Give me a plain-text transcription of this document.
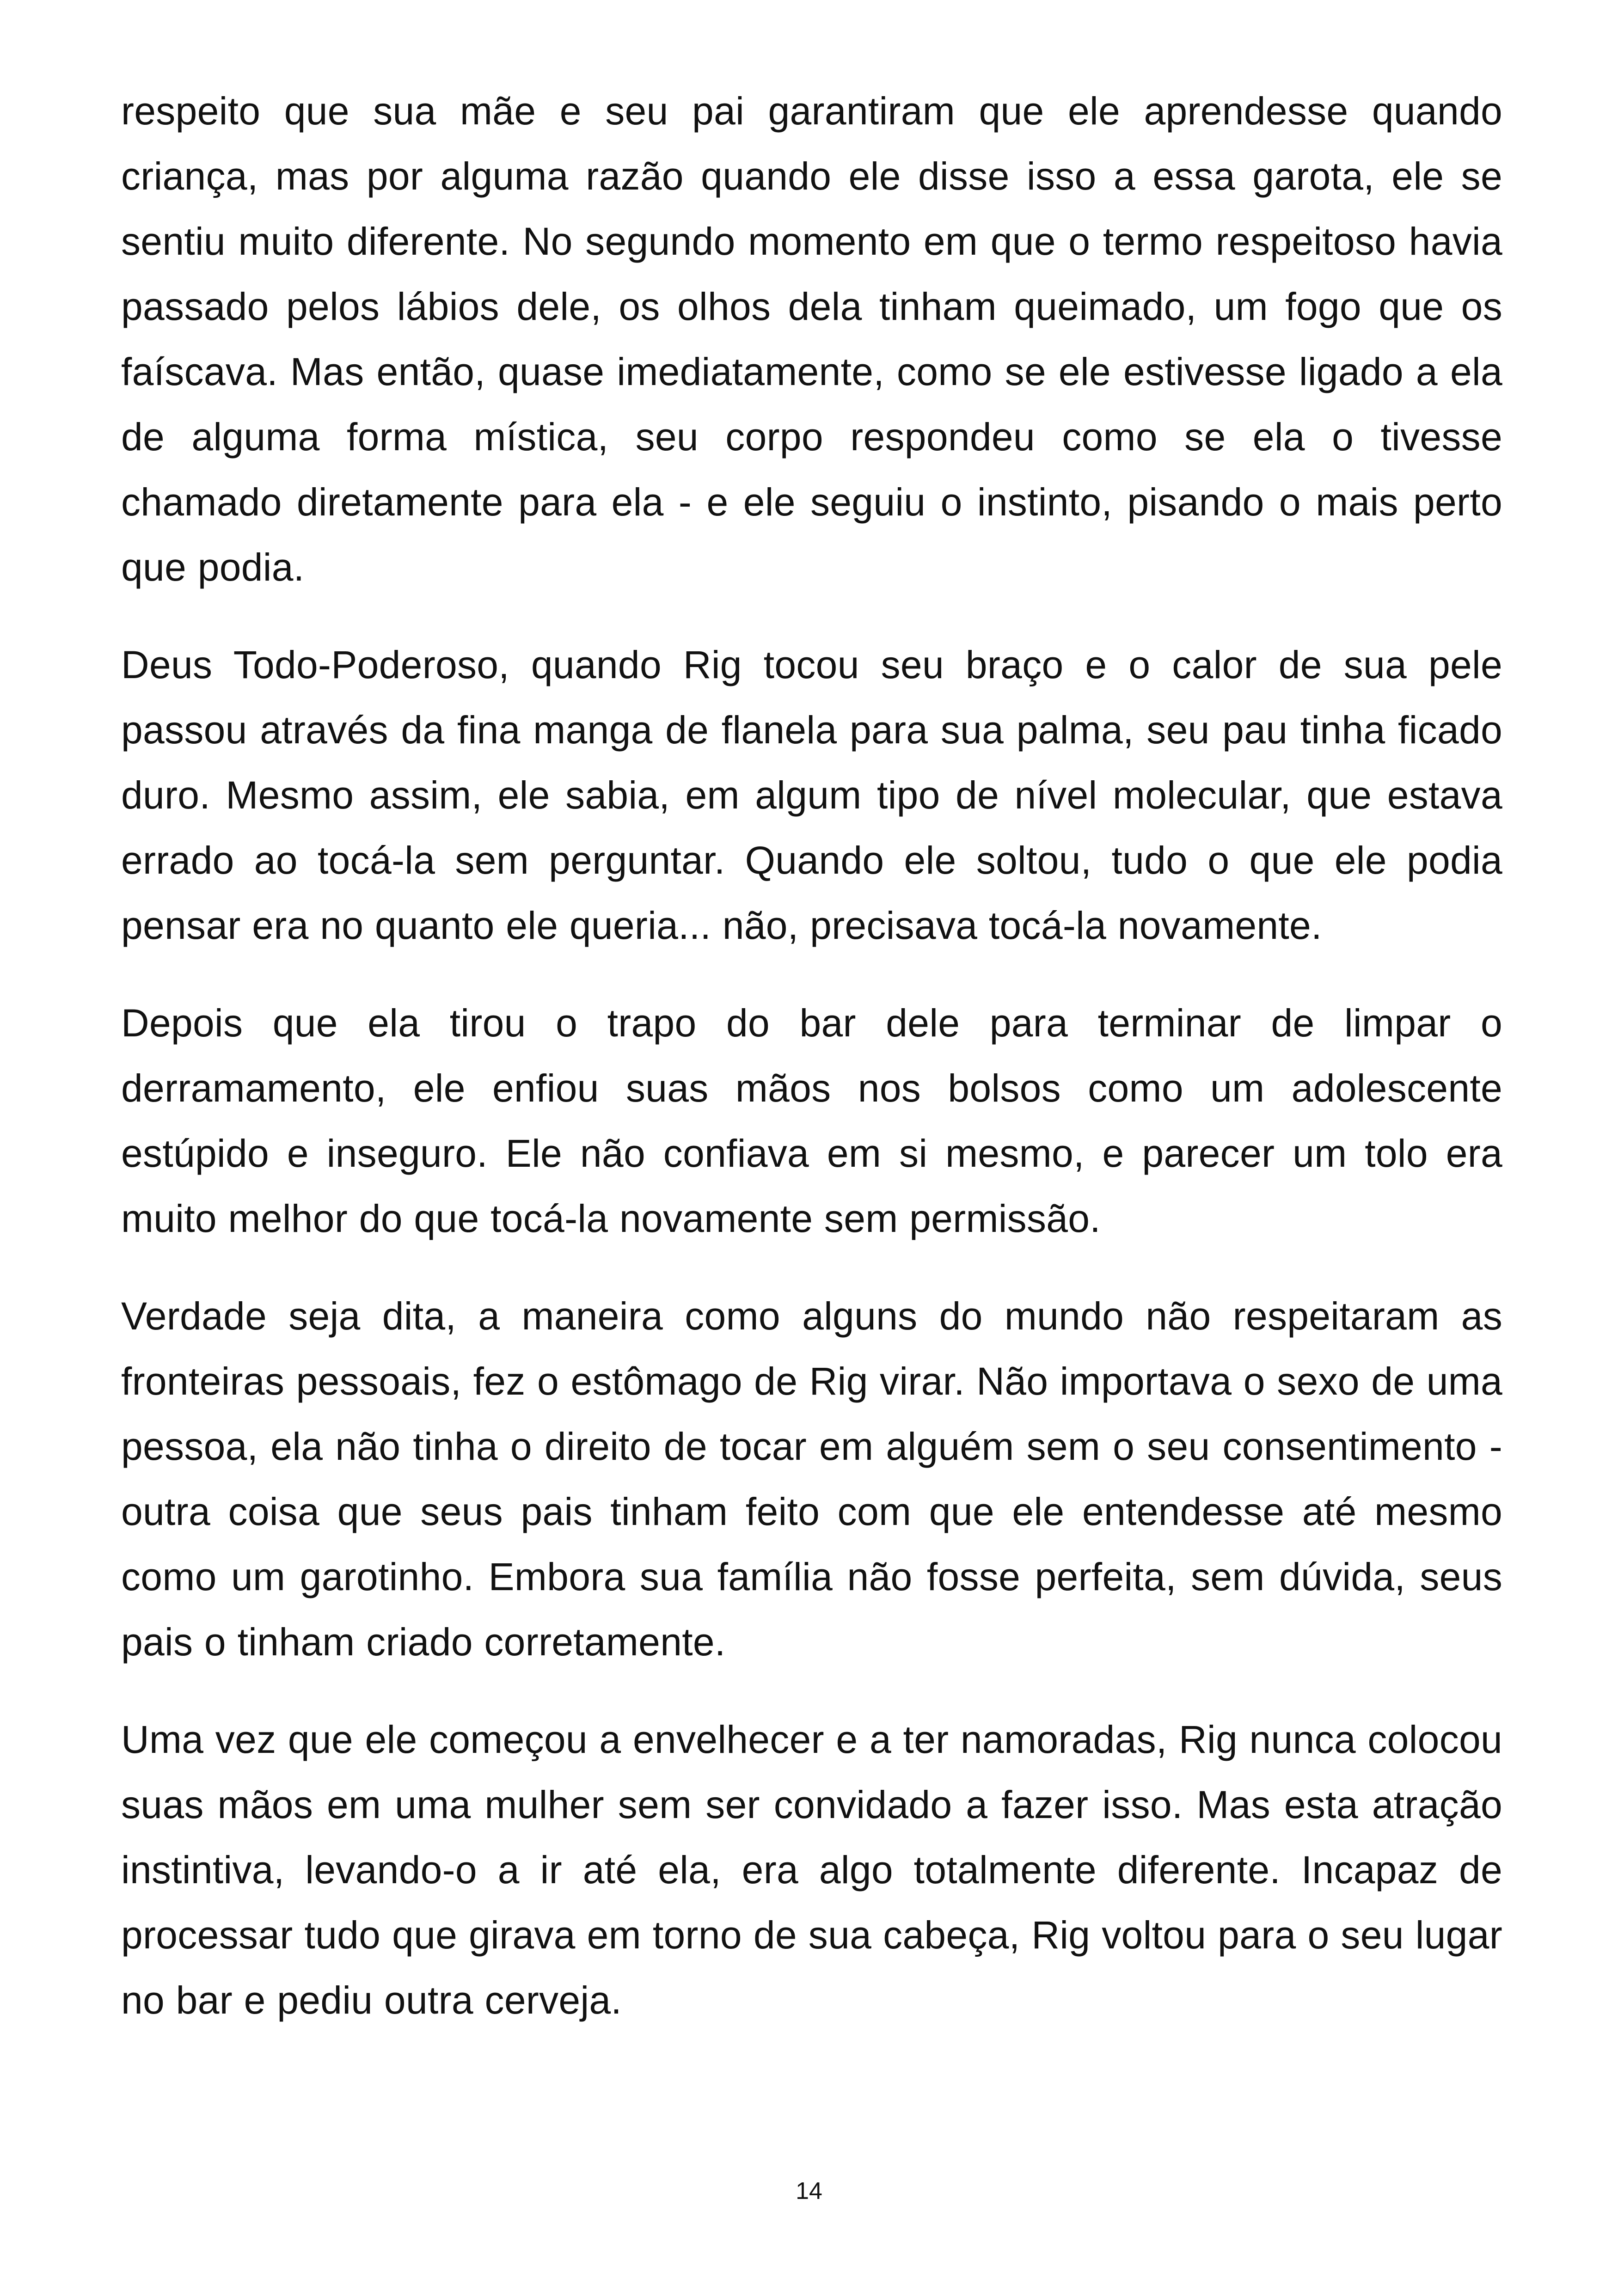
respeito que sua mãe e seu pai garantiram que ele aprendesse quando criança, mas por alguma razão quando ele disse isso a essa garota, ele se sentiu muito diferente. No segundo momento em que o termo respeitoso havia passado pelos lábios dele, os olhos dela tinham queimado, um fogo que os faíscava. Mas então, quase imediatamente, como se ele estivesse ligado a ela de alguma forma mística, seu corpo respondeu como se ela o tivesse chamado diretamente para ela - e ele seguiu o instinto, pisando o mais perto que podia.

Deus Todo-Poderoso, quando Rig tocou seu braço e o calor de sua pele passou através da fina manga de flanela para sua palma, seu pau tinha ficado duro. Mesmo assim, ele sabia, em algum tipo de nível molecular, que estava errado ao tocá-la sem perguntar. Quando ele soltou, tudo o que ele podia pensar era no quanto ele queria... não, precisava tocá-la novamente.

Depois que ela tirou o trapo do bar dele para terminar de limpar o derramamento, ele enfiou suas mãos nos bolsos como um adolescente estúpido e inseguro. Ele não confiava em si mesmo, e parecer um tolo era muito melhor do que tocá-la novamente sem permissão.

Verdade seja dita, a maneira como alguns do mundo não respeitaram as fronteiras pessoais, fez o estômago de Rig virar. Não importava o sexo de uma pessoa, ela não tinha o direito de tocar em alguém sem o seu consentimento - outra coisa que seus pais tinham feito com que ele entendesse até mesmo como um garotinho. Embora sua família não fosse perfeita, sem dúvida, seus pais o tinham criado corretamente.

Uma vez que ele começou a envelhecer e a ter namoradas, Rig nunca colocou suas mãos em uma mulher sem ser convidado a fazer isso. Mas esta atração instintiva, levando-o a ir até ela, era algo totalmente diferente. Incapaz de processar tudo que girava em torno de sua cabeça, Rig voltou para o seu lugar no bar e pediu outra cerveja.

14
